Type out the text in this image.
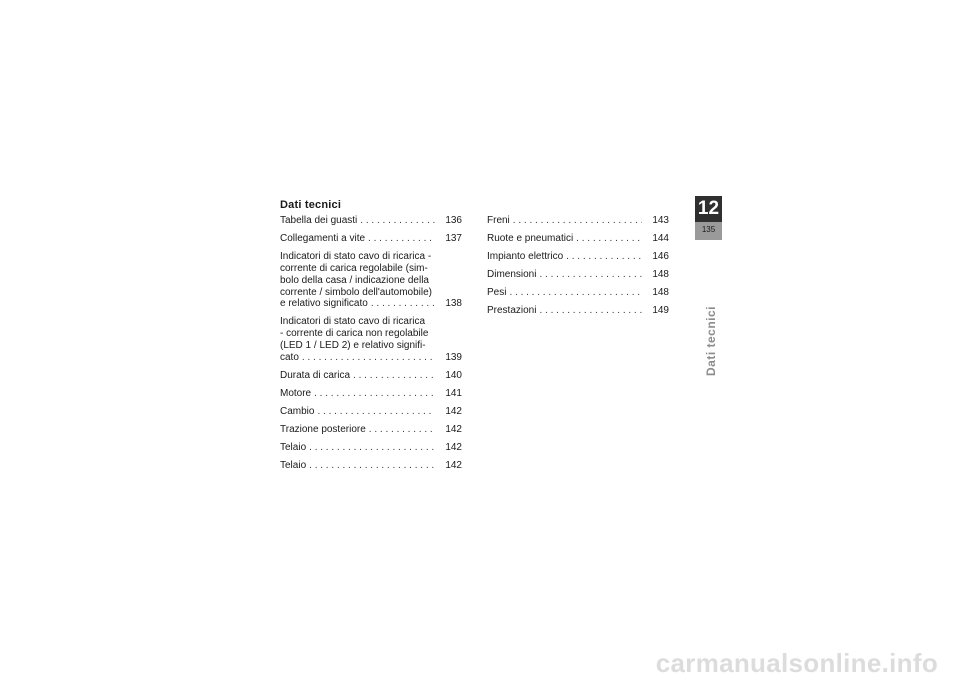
Dati tecnici
Tabella dei guasti . . .	136
Collegamenti a vite . . .	137
Indicatori di stato cavo di ricarica -
corrente di carica regolabile (sim-
bolo della casa / indicazione della
corrente / simbolo dell'automobile)
e relativo significato . . .	138
Indicatori di stato cavo di ricarica
- corrente di carica non regolabile
(LED 1 / LED 2) e relativo signifi-
cato . . .	139
Durata di carica . . .	140
Motore . . .	141
Cambio . . .	142
Trazione posteriore . . .	142
Telaio . . .	142
Telaio . . .	142
Freni . . .	143
Ruote e pneumatici . . .	144
Impianto elettrico . . .	146
Dimensioni . . .	148
Pesi . . .	148
Prestazioni . . .	149
12
135
Dati tecnici
carmanualsonline.info
